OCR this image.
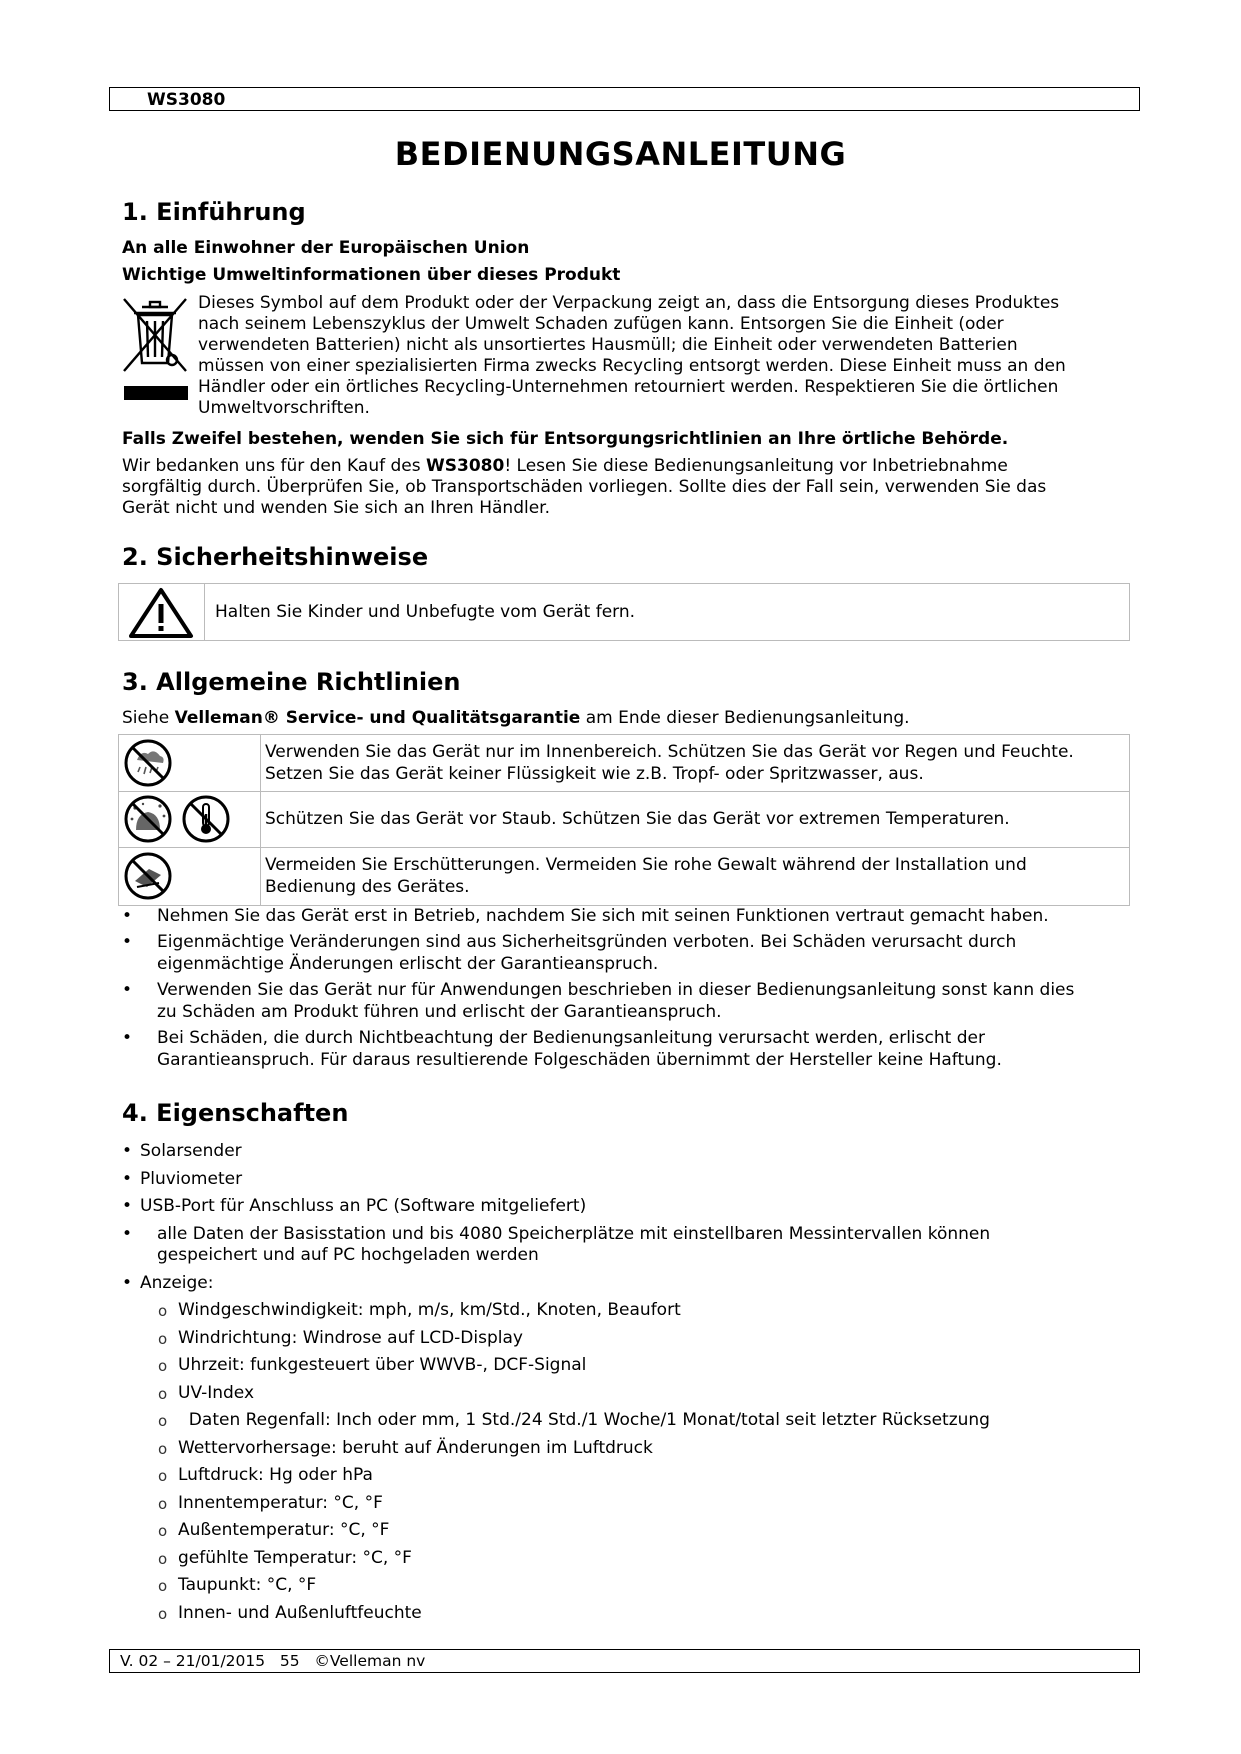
WS3080
BEDIENUNGSANLEITUNG
1. Einführung
An alle Einwohner der Europäischen Union
Wichtige Umweltinformationen über dieses Produkt
Dieses Symbol auf dem Produkt oder der Verpackung zeigt an, dass die Entsorgung dieses Produktes
nach seinem Lebenszyklus der Umwelt Schaden zufügen kann. Entsorgen Sie die Einheit (oder
verwendeten Batterien) nicht als unsortiertes Hausmüll; die Einheit oder verwendeten Batterien
müssen von einer spezialisierten Firma zwecks Recycling entsorgt werden. Diese Einheit muss an den
Händler oder ein örtliches Recycling-Unternehmen retourniert werden. Respektieren Sie die örtlichen
Umweltvorschriften.
Falls Zweifel bestehen, wenden Sie sich für Entsorgungsrichtlinien an Ihre örtliche Behörde.
Wir bedanken uns für den Kauf des WS3080! Lesen Sie diese Bedienungsanleitung vor Inbetriebnahme
sorgfältig durch. Überprüfen Sie, ob Transportschäden vorliegen. Sollte dies der Fall sein, verwenden Sie das
Gerät nicht und wenden Sie sich an Ihren Händler.
2. Sicherheitshinweise
Halten Sie Kinder und Unbefugte vom Gerät fern.
3. Allgemeine Richtlinien
Siehe Velleman® Service- und Qualitätsgarantie am Ende dieser Bedienungsanleitung.
Verwenden Sie das Gerät nur im Innenbereich. Schützen Sie das Gerät vor Regen und Feuchte.
Setzen Sie das Gerät keiner Flüssigkeit wie z.B. Tropf- oder Spritzwasser, aus.
Schützen Sie das Gerät vor Staub. Schützen Sie das Gerät vor extremen Temperaturen.
Vermeiden Sie Erschütterungen. Vermeiden Sie rohe Gewalt während der Installation und
Bedienung des Gerätes.
• Nehmen Sie das Gerät erst in Betrieb, nachdem Sie sich mit seinen Funktionen vertraut gemacht haben.
• Eigenmächtige Veränderungen sind aus Sicherheitsgründen verboten. Bei Schäden verursacht durch
eigenmächtige Änderungen erlischt der Garantieanspruch.
• Verwenden Sie das Gerät nur für Anwendungen beschrieben in dieser Bedienungsanleitung sonst kann dies
zu Schäden am Produkt führen und erlischt der Garantieanspruch.
• Bei Schäden, die durch Nichtbeachtung der Bedienungsanleitung verursacht werden, erlischt der
Garantieanspruch. Für daraus resultierende Folgeschäden übernimmt der Hersteller keine Haftung.
4. Eigenschaften
• Solarsender
• Pluviometer
• USB-Port für Anschluss an PC (Software mitgeliefert)
• alle Daten der Basisstation und bis 4080 Speicherplätze mit einstellbaren Messintervallen können
gespeichert und auf PC hochgeladen werden
• Anzeige:
o Windgeschwindigkeit: mph, m/s, km/Std., Knoten, Beaufort
o Windrichtung: Windrose auf LCD-Display
o Uhrzeit: funkgesteuert über WWVB-, DCF-Signal
o UV-Index
o Daten Regenfall: Inch oder mm, 1 Std./24 Std./1 Woche/1 Monat/total seit letzter Rücksetzung
o Wettervorhersage: beruht auf Änderungen im Luftdruck
o Luftdruck: Hg oder hPa
o Innentemperatur: °C, °F
o Außentemperatur: °C, °F
o gefühlte Temperatur: °C, °F
o Taupunkt: °C, °F
o Innen- und Außenluftfeuchte
V. 02 – 21/01/2015   55   ©Velleman nv
